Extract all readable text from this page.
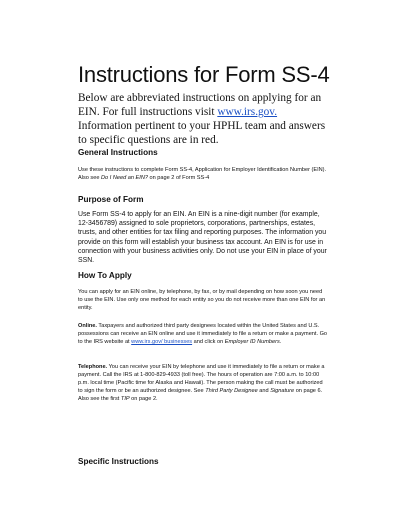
Instructions for Form SS-4

Below are abbreviated instructions on applying for an EIN. For full instructions visit www.irs.gov. Information pertinent to your HPHL team and answers to specific questions are in red.

General Instructions

Use these instructions to complete Form SS-4, Application for Employer Identification Number (EIN). Also see Do I Need an EIN? on page 2 of Form SS-4

Purpose of Form

Use Form SS-4 to apply for an EIN. An EIN is a nine-digit number (for example, 12-3456789) assigned to sole proprietors, corporations, partnerships, estates, trusts, and other entities for tax filing and reporting purposes. The information you provide on this form will establish your business tax account. An EIN is for use in connection with your business activities only. Do not use your EIN in place of your SSN.

How To Apply

You can apply for an EIN online, by telephone, by fax, or by mail depending on how soon you need to use the EIN. Use only one method for each entity so you do not receive more than one EIN for an entity.

Online. Taxpayers and authorized third party designees located within the United States and U.S. possessions can receive an EIN online and use it immediately to file a return or make a payment. Go to the IRS website at www.irs.gov/ businesses and click on Employer ID Numbers.

Telephone. You can receive your EIN by telephone and use it immediately to file a return or make a payment. Call the IRS at 1-800-829-4933 (toll free). The hours of operation are 7:00 a.m. to 10:00 p.m. local time (Pacific time for Alaska and Hawaii). The person making the call must be authorized to sign the form or be an authorized designee. See Third Party Designee and Signature on page 6. Also see the first TIP on page 2.

Specific Instructions
